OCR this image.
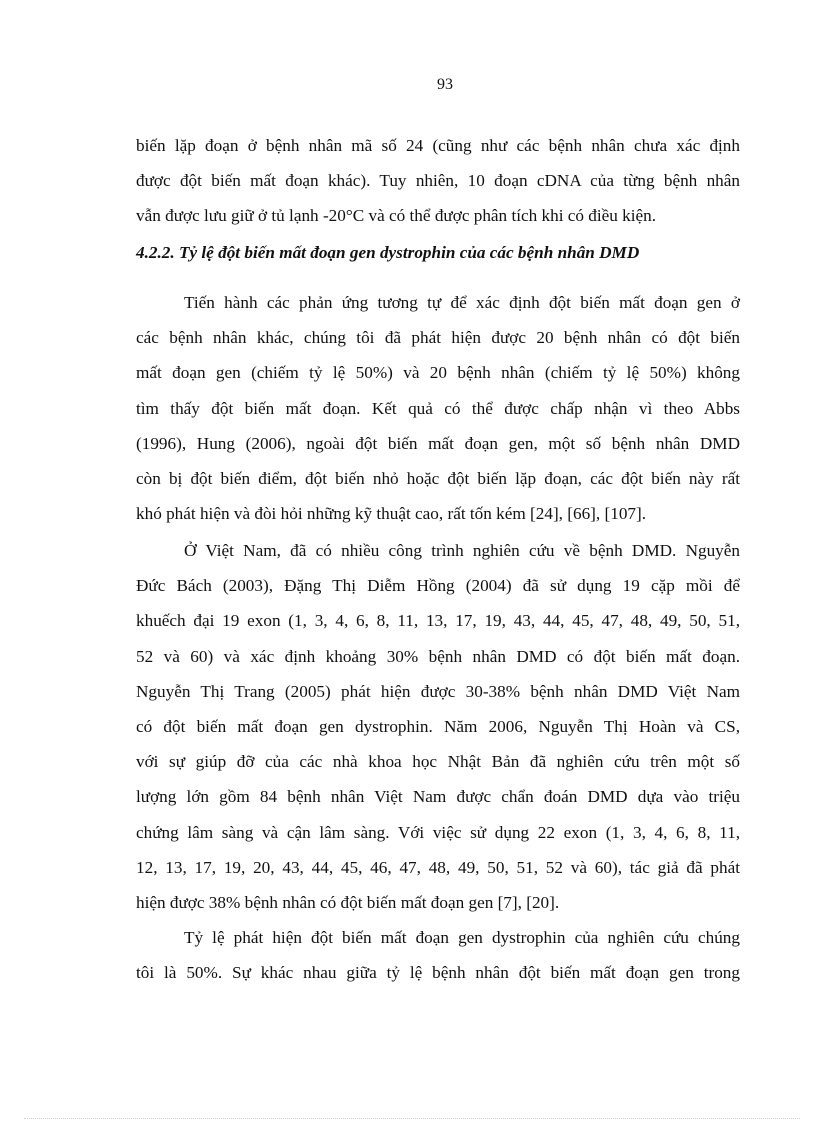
93
biến lặp đoạn ở bệnh nhân mã số 24 (cũng như các bệnh nhân chưa xác định
được đột biến mất đoạn khác). Tuy nhiên, 10 đoạn cDNA của từng bệnh nhân
vẫn được lưu giữ ở tủ lạnh -20°C và có thể được phân tích khi có điều kiện.
4.2.2. Tỷ lệ đột biến mất đoạn gen dystrophin của các bệnh nhân DMD
Tiến hành các phản ứng tương tự để xác định đột biến mất đoạn gen ở
các bệnh nhân khác, chúng tôi đã phát hiện được 20 bệnh nhân có đột biến
mất đoạn gen (chiếm tỷ lệ 50%) và 20 bệnh nhân (chiếm tỷ lệ 50%) không
tìm thấy đột biến mất đoạn. Kết quả có thể được chấp nhận vì theo Abbs
(1996), Hung (2006), ngoài đột biến mất đoạn gen, một số bệnh nhân DMD
còn bị đột biến điểm, đột biến nhỏ hoặc đột biến lặp đoạn, các đột biến này rất
khó phát hiện và đòi hỏi những kỹ thuật cao, rất tốn kém [24], [66], [107].
Ở Việt Nam, đã có nhiều công trình nghiên cứu về bệnh DMD. Nguyễn
Đức Bách (2003), Đặng Thị Diễm Hồng (2004) đã sử dụng 19 cặp mồi để
khuếch đại 19 exon (1, 3, 4, 6, 8, 11, 13, 17, 19, 43, 44, 45, 47, 48, 49, 50, 51,
52 và 60) và xác định khoảng 30% bệnh nhân DMD có đột biến mất đoạn.
Nguyễn Thị Trang (2005) phát hiện được 30-38% bệnh nhân DMD Việt Nam
có đột biến mất đoạn gen dystrophin. Năm 2006, Nguyễn Thị Hoàn và CS,
với sự giúp đỡ của các nhà khoa học Nhật Bản đã nghiên cứu trên một số
lượng lớn gồm 84 bệnh nhân Việt Nam được chẩn đoán DMD dựa vào triệu
chứng lâm sàng và cận lâm sàng. Với việc sử dụng 22 exon (1, 3, 4, 6, 8, 11,
12, 13, 17, 19, 20, 43, 44, 45, 46, 47, 48, 49, 50, 51, 52 và 60), tác giả đã phát
hiện được 38% bệnh nhân có đột biến mất đoạn gen [7], [20].
Tỷ lệ phát hiện đột biến mất đoạn gen dystrophin của nghiên cứu chúng
tôi là 50%. Sự khác nhau giữa tỷ lệ bệnh nhân đột biến mất đoạn gen trong
